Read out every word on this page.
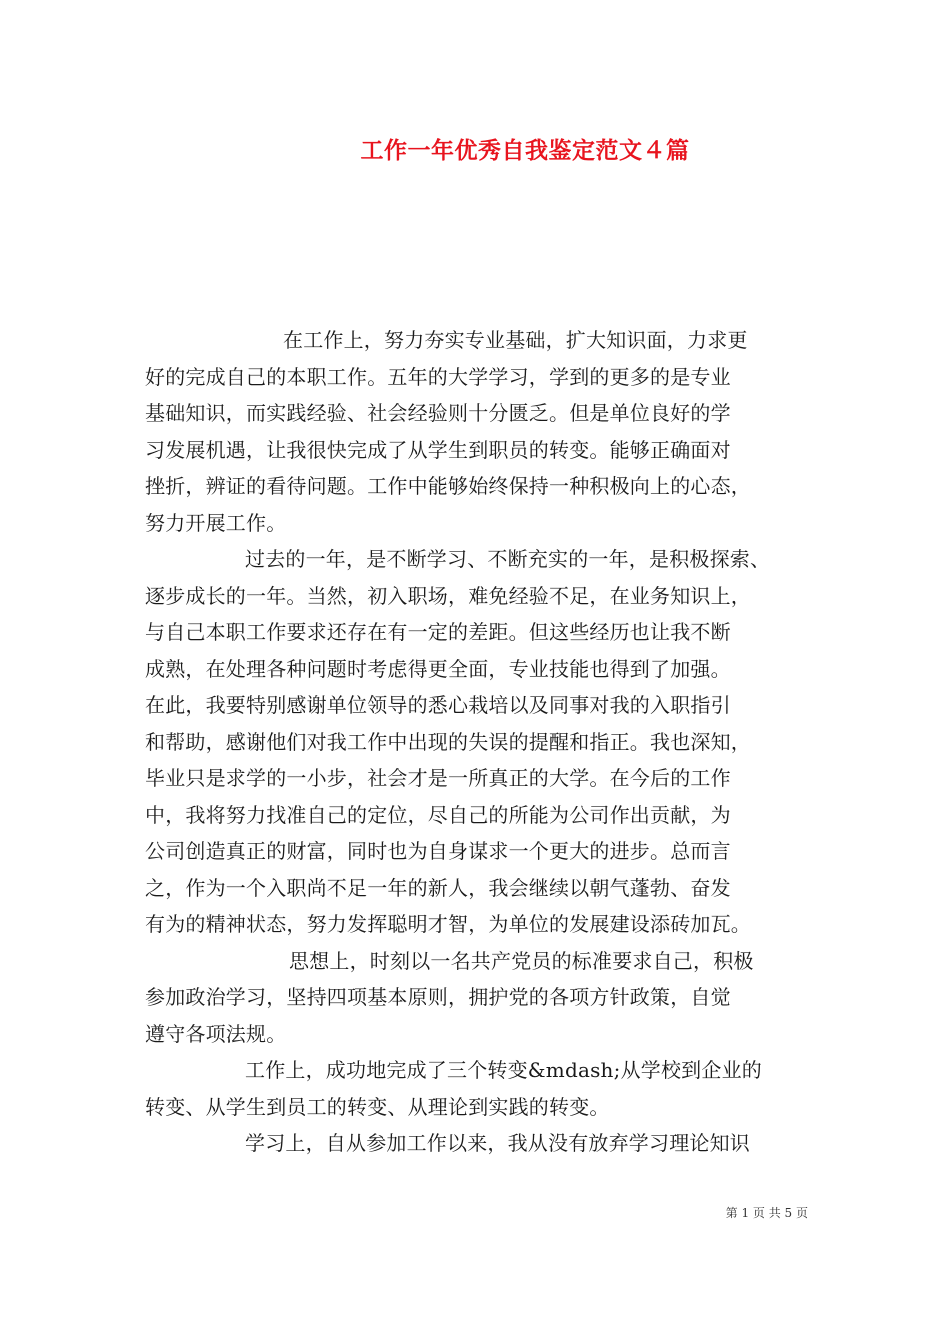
工作一年优秀自我鉴定范文４篇
在工作上，努力夯实专业基础，扩大知识面，力求更
好的完成自己的本职工作。五年的大学学习，学到的更多的是专业
基础知识，而实践经验、社会经验则十分匮乏。但是单位良好的学
习发展机遇，让我很快完成了从学生到职员的转变。能够正确面对
挫折，辨证的看待问题。工作中能够始终保持一种积极向上的心态，
努力开展工作。
过去的一年，是不断学习、不断充实的一年，是积极探索、
逐步成长的一年。当然，初入职场，难免经验不足，在业务知识上，
与自己本职工作要求还存在有一定的差距。但这些经历也让我不断
成熟，在处理各种问题时考虑得更全面，专业技能也得到了加强。
在此，我要特别感谢单位领导的悉心栽培以及同事对我的入职指引
和帮助，感谢他们对我工作中出现的失误的提醒和指正。我也深知，
毕业只是求学的一小步，社会才是一所真正的大学。在今后的工作
中，我将努力找准自己的定位，尽自己的所能为公司作出贡献，为
公司创造真正的财富，同时也为自身谋求一个更大的进步。总而言
之，作为一个入职尚不足一年的新人，我会继续以朝气蓬勃、奋发
有为的精神状态，努力发挥聪明才智，为单位的发展建设添砖加瓦。
思想上，时刻以一名共产党员的标准要求自己，积极
参加政治学习，坚持四项基本原则，拥护党的各项方针政策，自觉
遵守各项法规。
工作上，成功地完成了三个转变&mdash;从学校到企业的
转变、从学生到员工的转变、从理论到实践的转变。
学习上，自从参加工作以来，我从没有放弃学习理论知识
第 1 页 共 5 页
